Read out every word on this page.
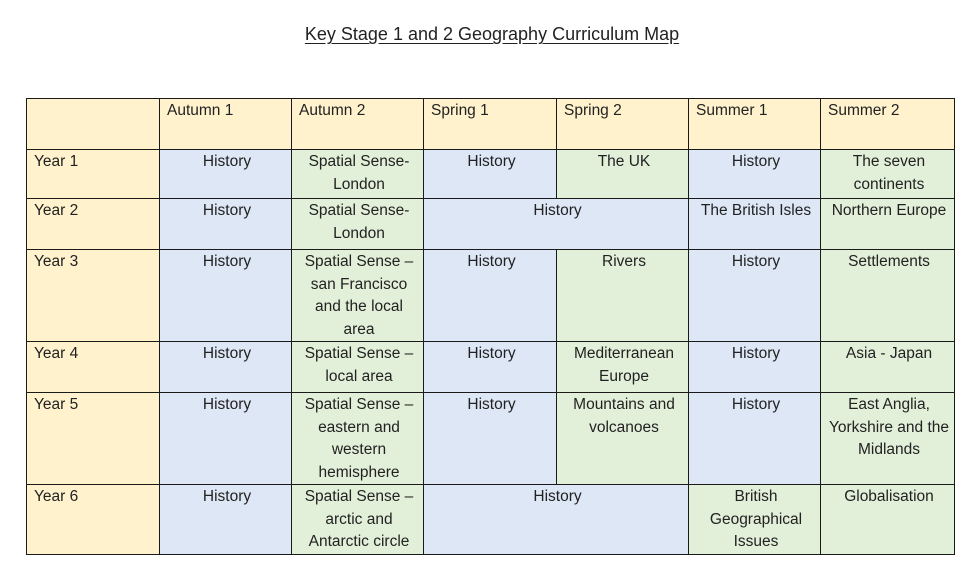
Key Stage 1 and 2 Geography Curriculum Map
	Autumn 1	Autumn 2	Spring 1	Spring 2	Summer 1	Summer 2
Year 1	History	Spatial Sense- London	History	The UK	History	The seven continents
Year 2	History	Spatial Sense- London	History		The British Isles	Northern Europe
Year 3	History	Spatial Sense – san Francisco and the local area	History	Rivers	History	Settlements
Year 4	History	Spatial Sense – local area	History	Mediterranean Europe	History	Asia - Japan
Year 5	History	Spatial Sense – eastern and western hemisphere	History	Mountains and volcanoes	History	East Anglia, Yorkshire and the Midlands
Year 6	History	Spatial Sense – arctic and Antarctic circle	History		British Geographical Issues	Globalisation
